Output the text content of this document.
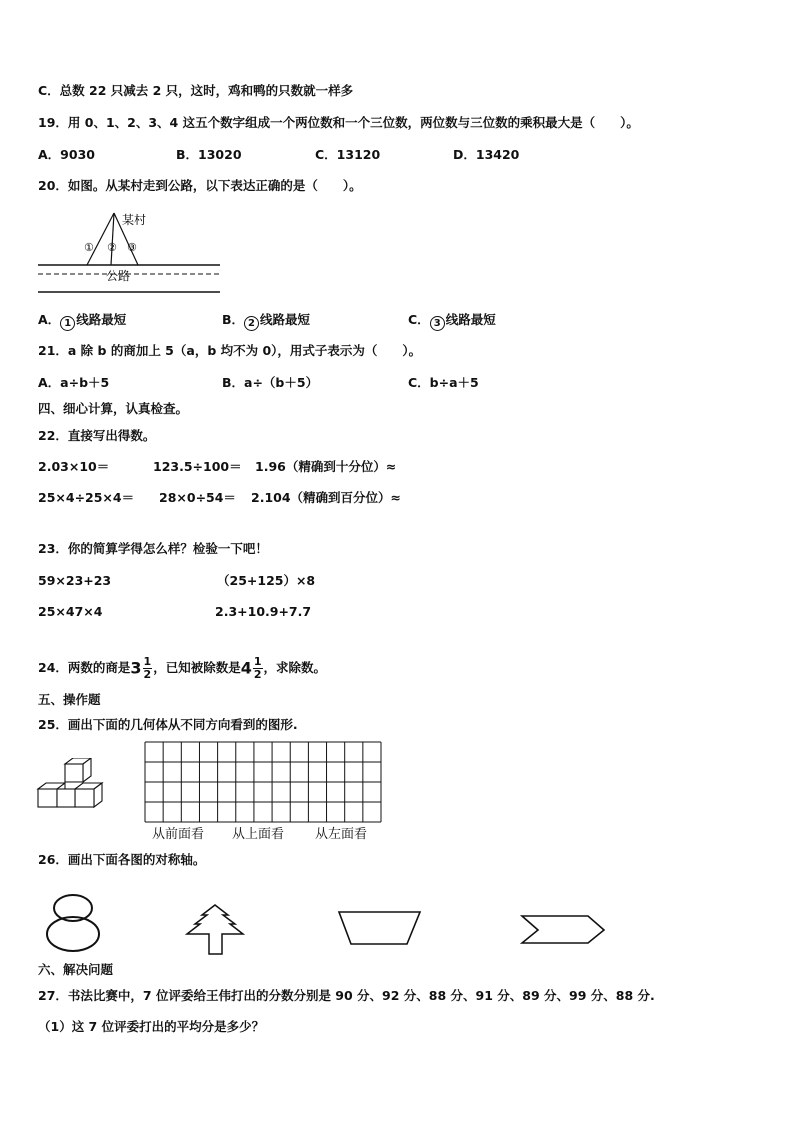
C．总数 22 只减去 2 只，这时，鸡和鸭的只数就一样多
19．用 0、1、2、3、4 这五个数字组成一个两位数和一个三位数，两位数与三位数的乘积最大是（　　）。
A．9030	B．13020	C．13120	D．13420
20．如图。从某村走到公路，以下表达正确的是（　　）。
某村
① ② ③
公路
A． 1 线路最短	B． 2 线路最短	C． 3 线路最短
21．a 除 b 的商加上 5（a，b 均不为 0），用式子表示为（　　）。
A．a÷b＋5	B．a÷（b＋5）	C．b÷a＋5
四、细心计算，认真检查。
22．直接写出得数。
2.03×10＝	123.5÷100＝ 1.96（精确到十分位）≈
25×4÷25×4＝ 28×0÷54＝ 2.104（精确到百分位）≈
23．你的简算学得怎么样？检验一下吧！
59×23+23	（25+125）×8
25×47×4	2.3+10.9+7.7
24．两数的商是$3 \frac{1}{2}$ ，已知被除数是$4 \frac{1}{2}$ ，求除数。
五、操作题
25．画出下面的几何体从不同方向看到的图形.
从前面看 从上面看 从左面看
26．画出下面各图的对称轴。
六、解决问题
27．书法比赛中，7 位评委给王伟打出的分数分别是 90 分、92 分、88 分、91 分、89 分、99 分、88 分.
（1）这 7 位评委打出的平均分是多少？
